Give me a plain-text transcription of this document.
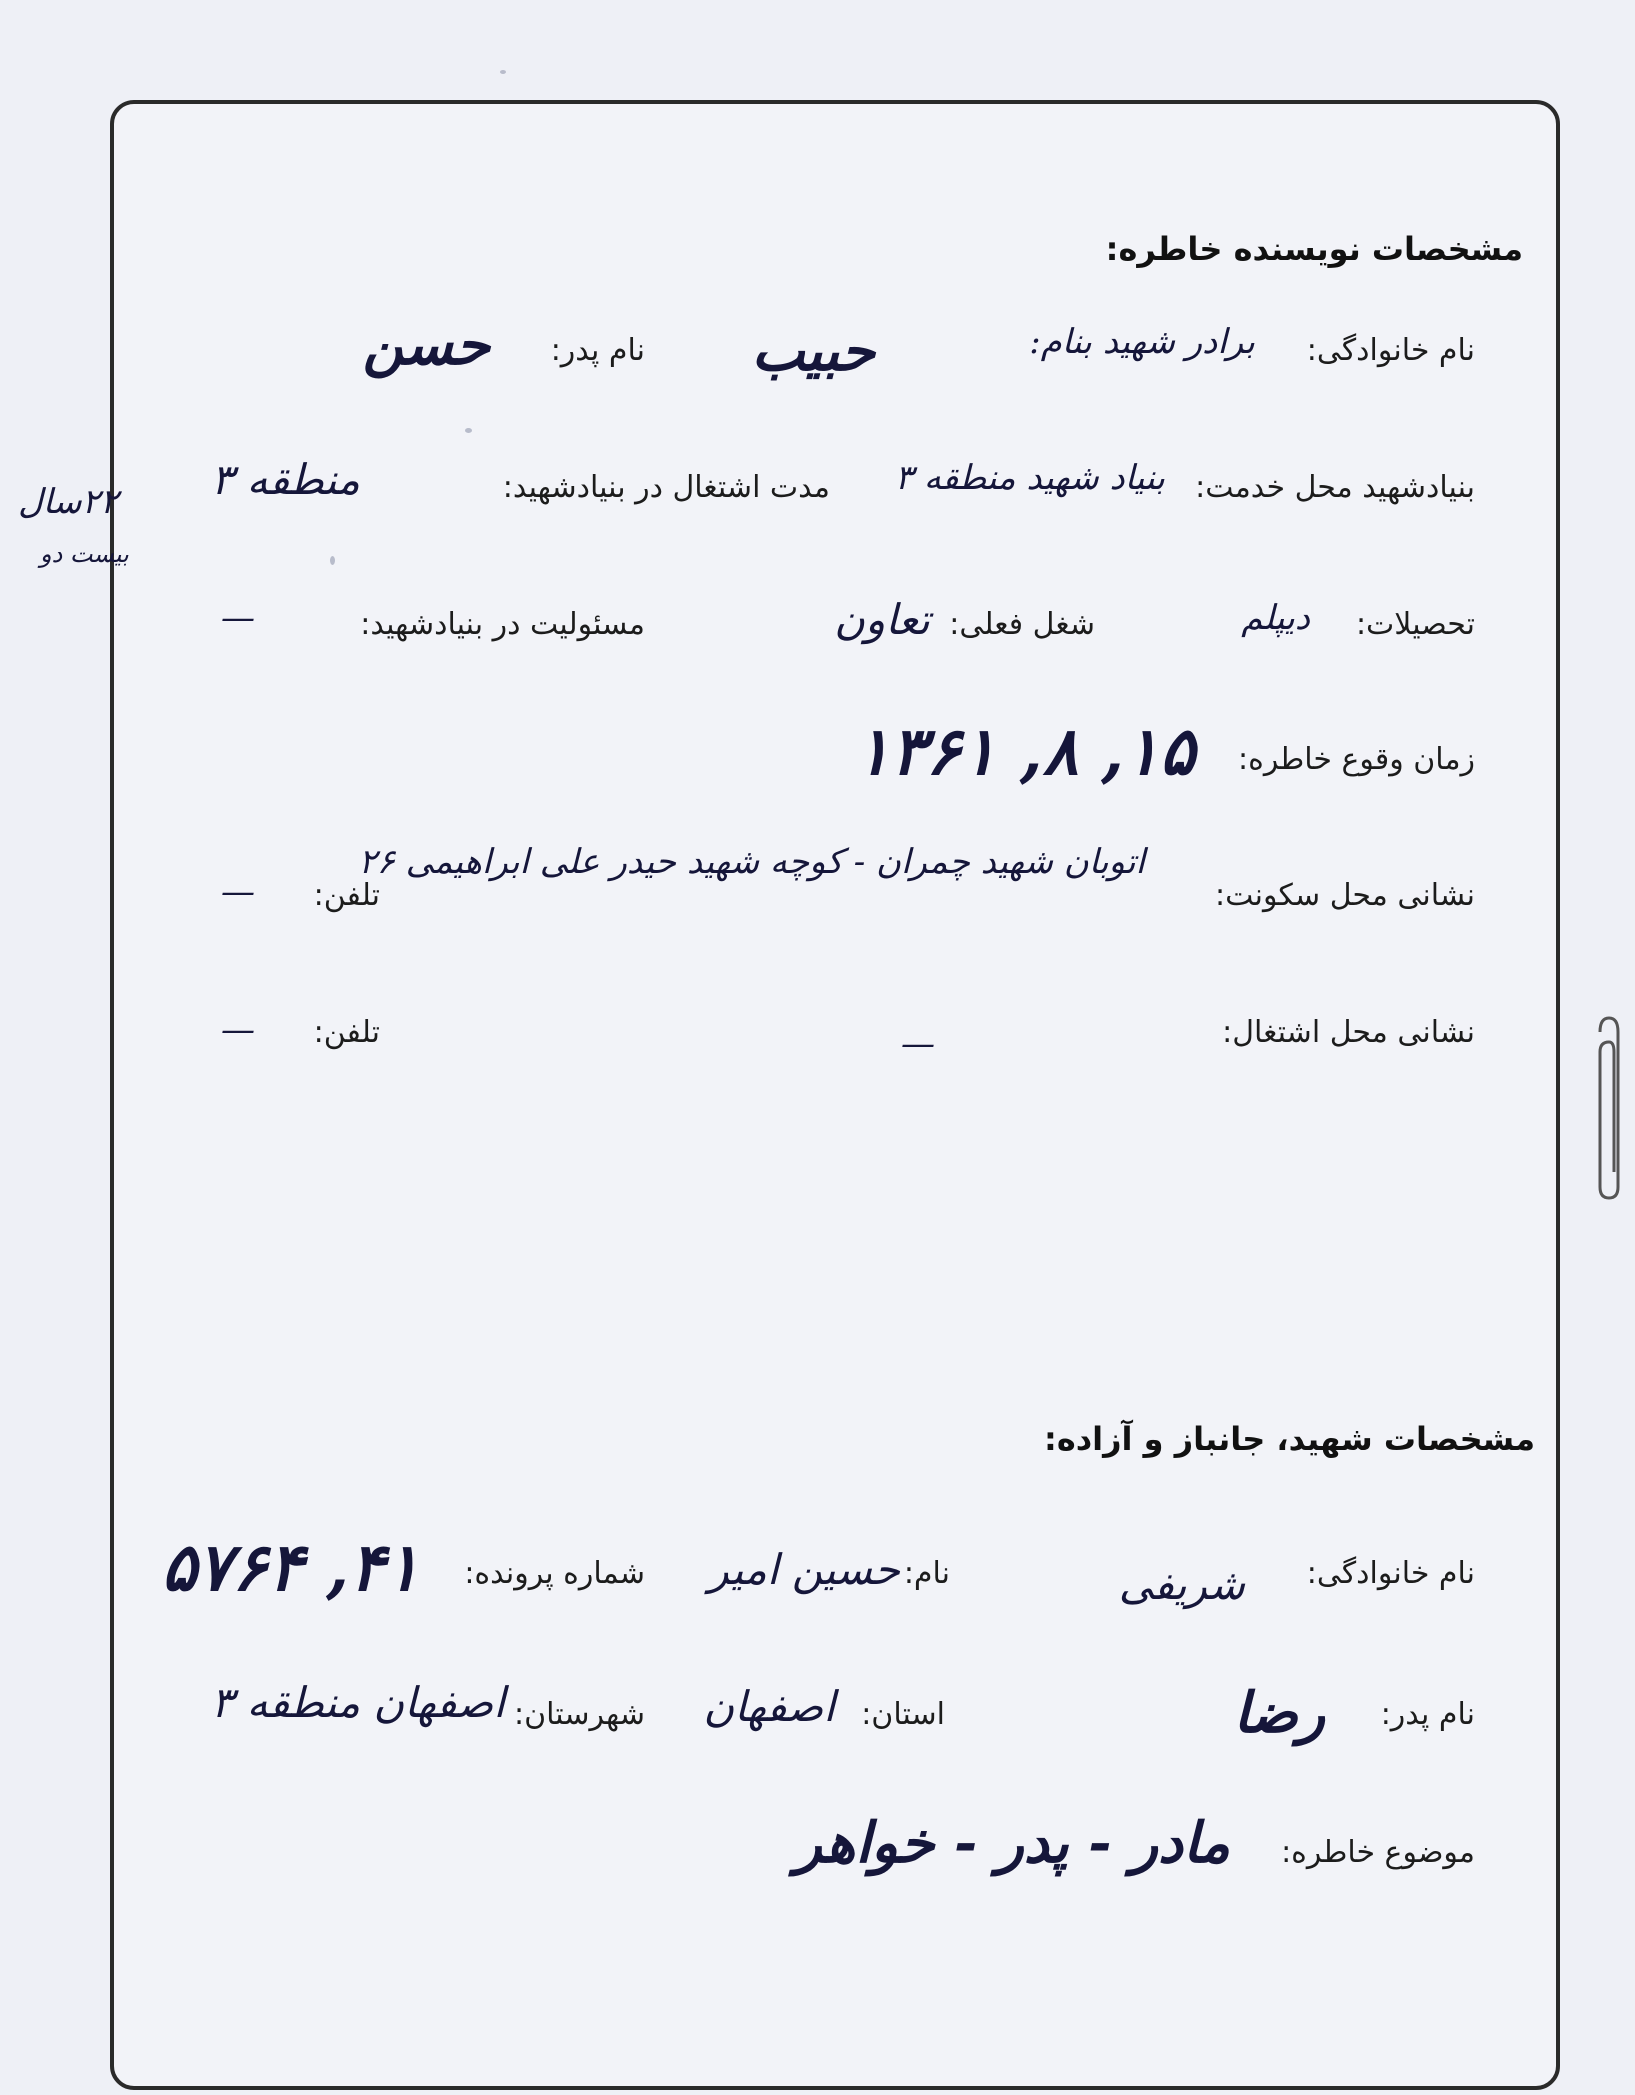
مشخصات نویسنده خاطره:
نام خانوادگی:
برادر شهید بنام:
حبیب
نام پدر:
حسن
بنیادشهید محل خدمت:
بنیاد شهید منطقه ۳
مدت اشتغال در بنیادشهید:
منطقه ۳
۲۲سال
بیست دو
تحصیلات:
دیپلم
شغل فعلی:
تعاون
مسئولیت در بنیادشهید:
—
زمان وقوع خاطره:
۱۳۶۱ ,۸ ,۱۵
نشانی محل سکونت:
اتوبان شهید چمران - کوچه شهید حیدر علی ابراهیمی ۲۶
تلفن:
—
نشانی محل اشتغال:
—
تلفن:
—
مشخصات شهید، جانباز و آزاده:
نام خانوادگی:
شریفی
نام:
حسین امیر
شماره پرونده:
۵۷۶۴ ,۴۱
نام پدر:
رضا
استان:
اصفهان
شهرستان:
اصفهان منطقه ۳
موضوع خاطره:
مادر - پدر - خواهر
